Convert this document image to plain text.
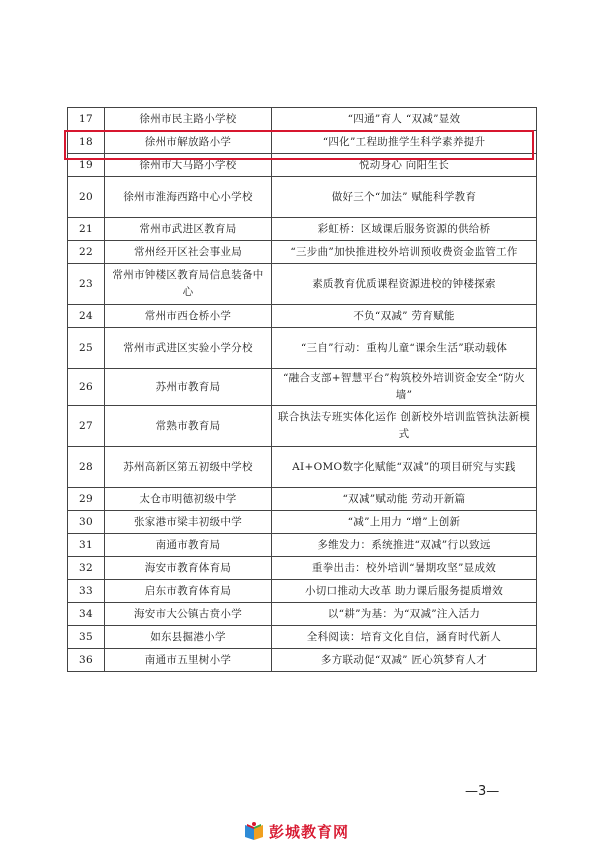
17	徐州市民主路小学校	“四通”育人 “双减”显效
18	徐州市解放路小学	“四化”工程助推学生科学素养提升
19	徐州市大马路小学校	悦动身心 向阳生长
20	徐州市淮海西路中心小学校	做好三个“加法” 赋能科学教育
21	常州市武进区教育局	彩虹桥：区域课后服务资源的供给桥
22	常州经开区社会事业局	“三步曲”加快推进校外培训预收费资金监管工作
23	常州市钟楼区教育局信息装备中心	素质教育优质课程资源进校的钟楼探索
24	常州市西仓桥小学	不负“双减” 劳育赋能
25	常州市武进区实验小学分校	“三自”行动：重构儿童“课余生活”联动载体
26	苏州市教育局	“融合支部+智慧平台”构筑校外培训资金安全“防火墙”
27	常熟市教育局	联合执法专班实体化运作 创新校外培训监管执法新模式
28	苏州高新区第五初级中学校	AI+OMO数字化赋能“双减”的项目研究与实践
29	太仓市明德初级中学	“双减”赋动能 劳动开新篇
30	张家港市梁丰初级中学	“减”上用力 “增”上创新
31	南通市教育局	多维发力：系统推进“双减”行以致远
32	海安市教育体育局	重拳出击：校外培训“暑期攻坚”显成效
33	启东市教育体育局	小切口推动大改革 助力课后服务提质增效
34	海安市大公镇古贲小学	以“耕”为基：为“双减”注入活力
35	如东县掘港小学	全科阅读：培育文化自信，涵育时代新人
36	南通市五里树小学	多方联动促“双减” 匠心筑梦育人才
—3—
彭城教育网
